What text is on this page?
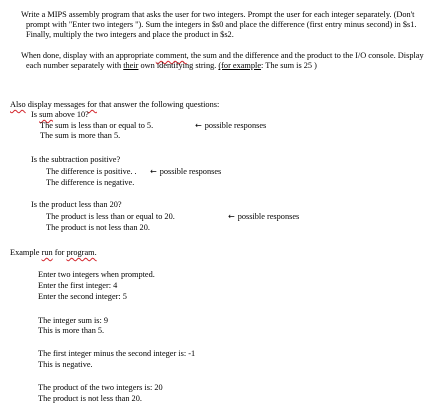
Write a MIPS assembly program that asks the user for two integers. Prompt the user for each integer separately. (Don't prompt with "Enter two integers "). Sum the integers in $s0 and place the difference (first entry minus second) in $s1. Finally, multiply the two integers and place the product in $s2.
When done, display with an appropriate comment, the sum and the difference and the product to the I/O console. Display each number separately with their own identifying string. (for example: The sum is 25 )
Also display messages for that answer the following questions:
Is sum above 10?
The sum is less than or equal to 5.
The sum is more than 5.
← possible responses
Is the subtraction positive?
The difference is positive. .
The difference is negative.
← possible responses
Is the product less than 20?
The product is less than or equal to 20.
The product is not less than 20.
← possible responses
Example run for program.
Enter two integers when prompted.
Enter the first integer: 4
Enter the second integer: 5
The integer sum is: 9
This is more than 5.
The first integer minus the second integer is: -1
This is negative.
The product of the two integers is: 20
The product is not less than 20.
